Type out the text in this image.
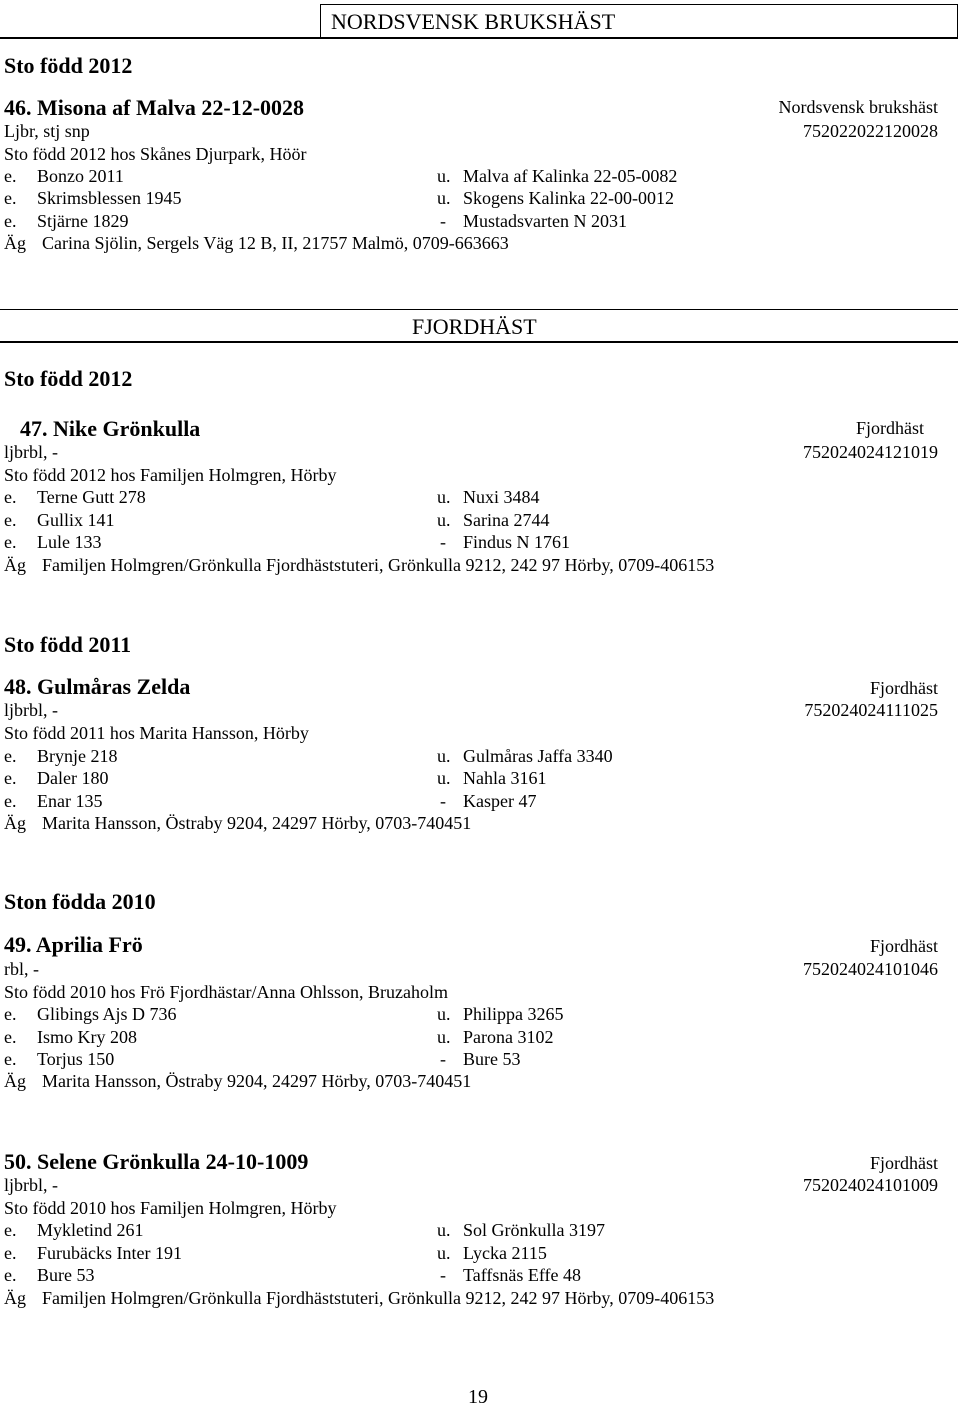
NORDSVENSK BRUKSHÄST
Sto född 2012
46. Misona af Malva 22-12-0028	Nordsvensk brukshäst
Ljbr, stj snp	752022022120028
Sto född 2012 hos Skånes Djurpark, Höör
e. Bonzo 2011	u. Malva af Kalinka 22-05-0082
e. Skrimsblessen 1945	u. Skogens Kalinka 22-00-0012
e. Stjärne 1829	- Mustadsvarten N 2031
Äg Carina Sjölin, Sergels Väg 12 B, II, 21757 Malmö, 0709-663663
FJORDHÄST
Sto född 2012
47. Nike Grönkulla	Fjordhäst
ljbrbl, -	752024024121019
Sto född 2012 hos Familjen Holmgren, Hörby
e. Terne Gutt 278	u. Nuxi 3484
e. Gullix 141	u. Sarina 2744
e. Lule 133	- Findus N 1761
Äg Familjen Holmgren/Grönkulla Fjordhäststuteri, Grönkulla 9212, 242 97 Hörby, 0709-406153
Sto född 2011
48. Gulmåras Zelda	Fjordhäst
ljbrbl, -	752024024111025
Sto född 2011 hos Marita Hansson, Hörby
e. Brynje 218	u. Gulmåras Jaffa 3340
e. Daler 180	u. Nahla 3161
e. Enar 135	- Kasper 47
Äg Marita Hansson, Östraby 9204, 24297 Hörby, 0703-740451
Ston födda 2010
49. Aprilia Frö	Fjordhäst
rbl, -	752024024101046
Sto född 2010 hos Frö Fjordhästar/Anna Ohlsson, Bruzaholm
e. Glibings Ajs D 736	u. Philippa 3265
e. Ismo Kry 208	u. Parona 3102
e. Torjus 150	- Bure 53
Äg Marita Hansson, Östraby 9204, 24297 Hörby, 0703-740451
50. Selene Grönkulla 24-10-1009	Fjordhäst
ljbrbl, -	752024024101009
Sto född 2010 hos Familjen Holmgren, Hörby
e. Mykletind 261	u. Sol Grönkulla 3197
e. Furubäcks Inter 191	u. Lycka 2115
e. Bure 53	- Taffsnäs Effe 48
Äg Familjen Holmgren/Grönkulla Fjordhäststuteri, Grönkulla 9212, 242 97 Hörby, 0709-406153
19
